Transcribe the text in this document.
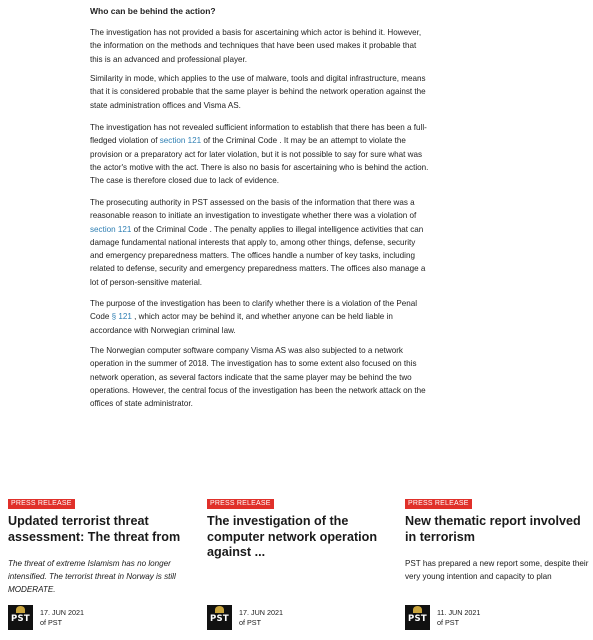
Who can be behind the action?

The investigation has not provided a basis for ascertaining which actor is behind it. However, the information on the methods and techniques that have been used makes it probable that this is an advanced and professional player.

Similarity in mode, which applies to the use of malware, tools and digital infrastructure, means that it is considered probable that the same player is behind the network operation against the state administration offices and Visma AS.

The investigation has not revealed sufficient information to establish that there has been a full-fledged violation of section 121 of the Criminal Code . It may be an attempt to violate the provision or a preparatory act for later violation, but it is not possible to say for sure what was the actor's motive with the act. There is also no basis for ascertaining who is behind the action. The case is therefore closed due to lack of evidence.

The prosecuting authority in PST assessed on the basis of the information that there was a reasonable reason to initiate an investigation to investigate whether there was a violation of section 121 of the Criminal Code . The penalty applies to illegal intelligence activities that can damage fundamental national interests that apply to, among other things, defense, security and emergency preparedness matters. The offices handle a number of key tasks, including related to defense, security and emergency preparedness matters. The offices also manage a lot of person-sensitive material.

The purpose of the investigation has been to clarify whether there is a violation of the Penal Code § 121 , which actor may be behind it, and whether anyone can be held liable in accordance with Norwegian criminal law.

The Norwegian computer software company Visma AS was also subjected to a network operation in the summer of 2018. The investigation has to some extent also focused on this network operation, as several factors indicate that the same player may be behind the two operations. However, the central focus of the investigation has been the network attack on the offices of state administrator.

PRESS RELEASE
Updated terrorist threat assessment: The threat from

The threat of extreme Islamism has no longer intensified. The terrorist threat in Norway is still MODERATE.

PST
17. JUN 2021
of PST
PRESS RELEASE
The investigation of the computer network operation against ...
PST
17. JUN 2021
of PST
PRESS RELEASE
New thematic report involved in terrorism

PST has prepared a new report some, despite their very young intention and capacity to plan

PST
11. JUN 2021
of PST
